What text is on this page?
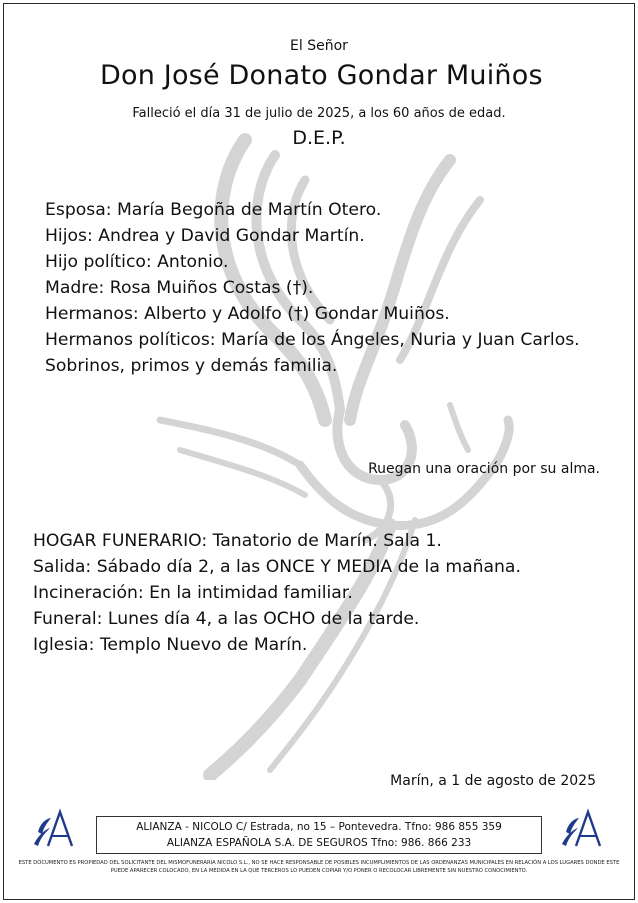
El Señor
Don José Donato Gondar Muiños
Falleció el día 31 de julio de 2025, a los 60 años de edad.
D.E.P.

Esposa: María Begoña de Martín Otero.

Hijos: Andrea y David Gondar Martín.

Hijo político: Antonio.

Madre: Rosa Muiños Costas (†).

Hermanos: Alberto y Adolfo (†) Gondar Muiños.

Hermanos políticos: María de los Ángeles, Nuria y Juan Carlos.

Sobrinos, primos y demás familia.

Ruegan una oración por su alma.

HOGAR FUNERARIO: Tanatorio de Marín. Sala 1.

Salida: Sábado día 2, a las ONCE Y MEDIA de la mañana.

Incineración: En la intimidad familiar.

Funeral: Lunes día 4, a las OCHO de la tarde.

Iglesia: Templo Nuevo de Marín.

Marín, a 1 de agosto de 2025
ALIANZA - NICOLO C/ Estrada, no 15 – Pontevedra. Tfno: 986 855 359
ALIANZA ESPAÑOLA S.A. DE SEGUROS Tfno: 986. 866 233
ESTE DOCUMENTO ES PROPIEDAD DEL SOLICITANTE DEL MISMOFUNERARIA NICOLO S.L., NO SE HACE RESPONSABLE DE POSIBLES INCUMPLIMIENTOS DE LAS ORDENANZAS MUNICIPALES EN RELACIÓN A LOS LUGARES DONDE ESTE PUEDE APARECER COLOCADO, EN LA MEDIDA EN LA QUE TERCEROS LO PUEDEN COPIAR Y/O PONER O RECOLOCAR LIBREMENTE SIN NUESTRO CONOCIMIENTO.
